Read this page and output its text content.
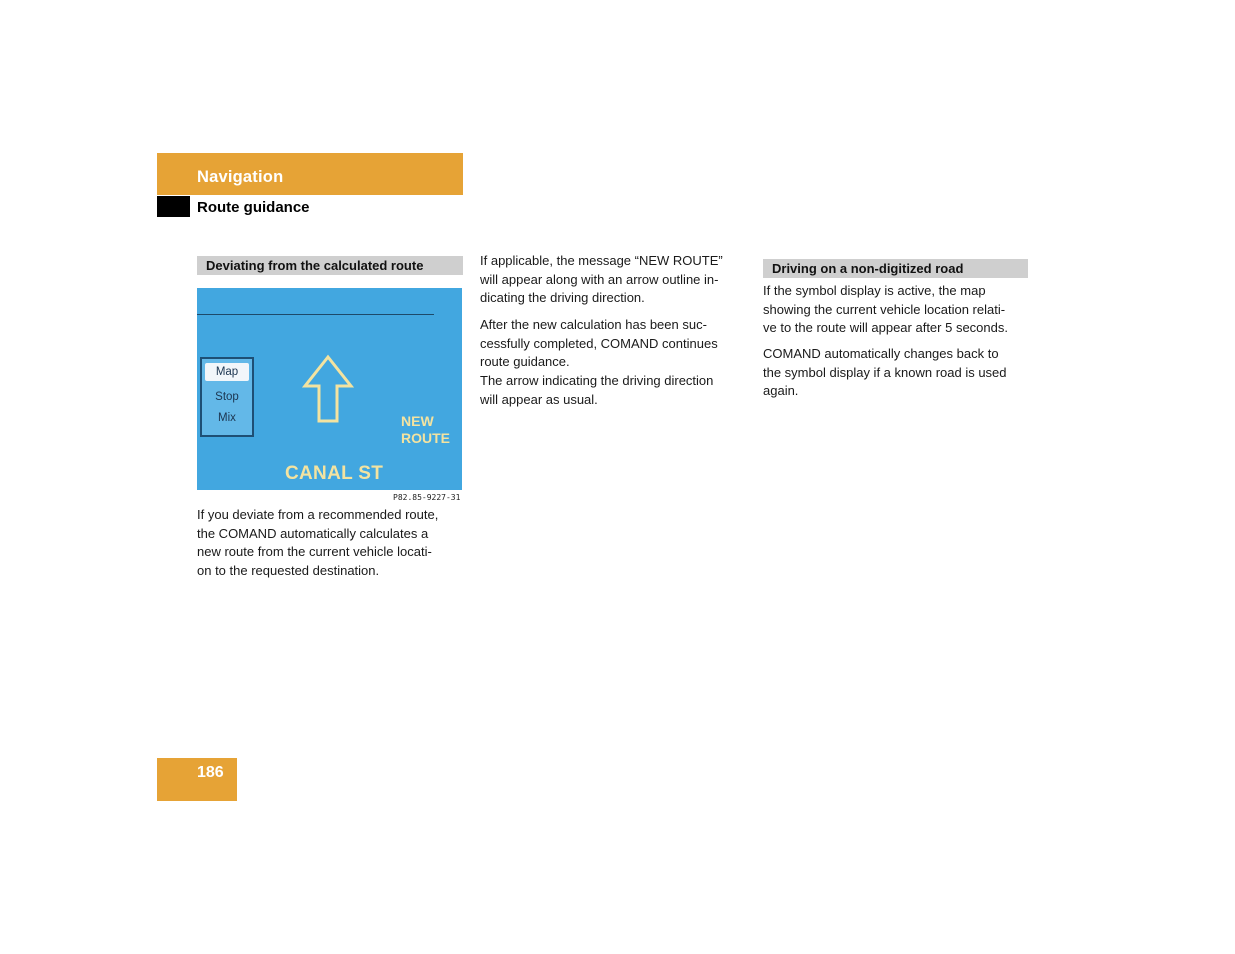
Navigation
Route guidance
Deviating from the calculated route
Map
Stop
Mix	NEW
ROUTE
CANAL ST
P82.85-9227-31
If you deviate from a recommended route,
the COMAND automatically calculates a
new route from the current vehicle locati-
on to the requested destination.
If applicable, the message “NEW ROUTE”
will appear along with an arrow outline in-
dicating the driving direction.
After the new calculation has been suc-
cessfully completed, COMAND continues
route guidance.
The arrow indicating the driving direction
will appear as usual.
Driving on a non-digitized road
If the symbol display is active, the map
showing the current vehicle location relati-
ve to the route will appear after 5 seconds.
COMAND automatically changes back to
the symbol display if a known road is used
again.
186
